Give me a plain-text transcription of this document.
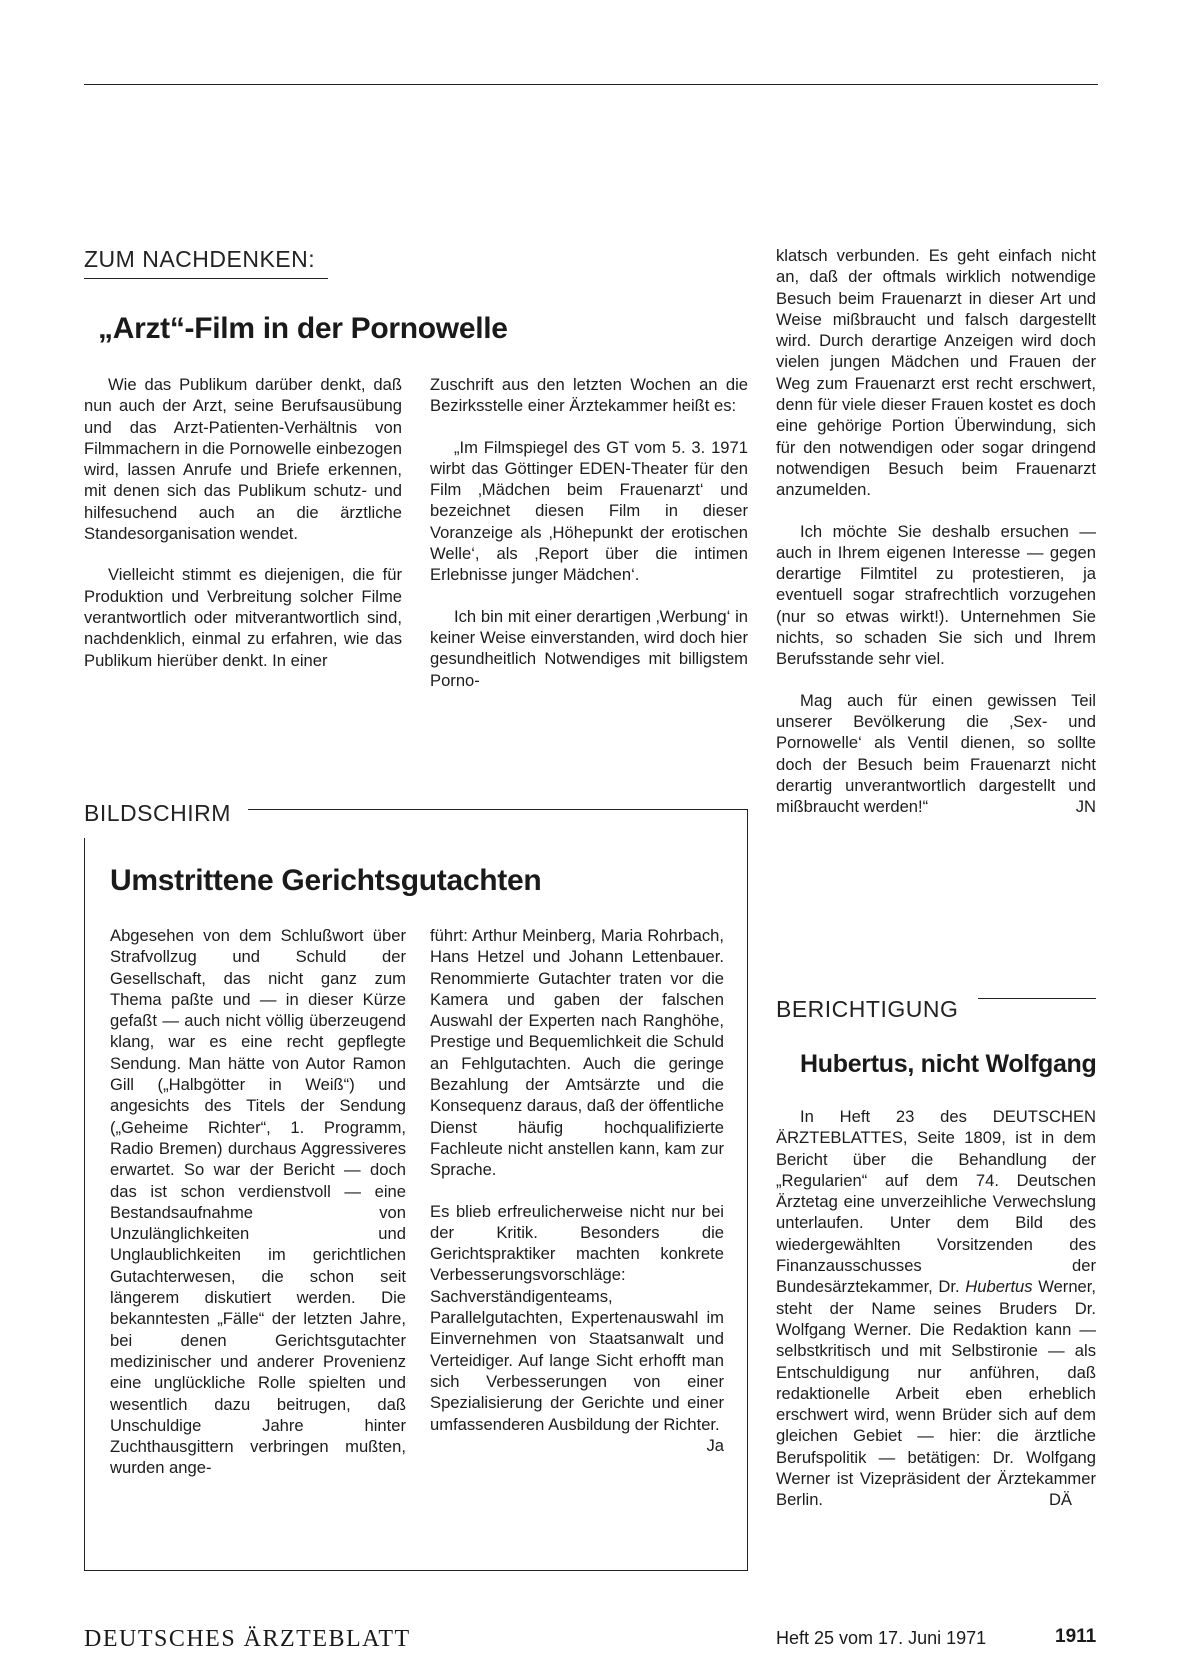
ZUM NACHDENKEN:
„Arzt“-Film in der Pornowelle

Wie das Publikum darüber denkt, daß nun auch der Arzt, seine Berufsausübung und das Arzt-Patienten-Verhältnis von Filmmachern in die Pornowelle einbezogen wird, lassen Anrufe und Briefe erkennen, mit denen sich das Publikum schutz- und hilfesuchend auch an die ärztliche Standesorganisation wendet.

Vielleicht stimmt es diejenigen, die für Produktion und Verbreitung solcher Filme verantwortlich oder mitverantwortlich sind, nachdenklich, einmal zu erfahren, wie das Publikum hierüber denkt. In einer

Zuschrift aus den letzten Wochen an die Bezirksstelle einer Ärztekammer heißt es:

„Im Filmspiegel des GT vom 5. 3. 1971 wirbt das Göttinger EDEN-Theater für den Film ‚Mädchen beim Frauenarzt‘ und bezeichnet diesen Film in dieser Voranzeige als ‚Höhepunkt der erotischen Welle‘, als ‚Report über die intimen Erlebnisse junger Mädchen‘.

Ich bin mit einer derartigen ‚Werbung‘ in keiner Weise einverstanden, wird doch hier gesundheitlich Notwendiges mit billigstem Porno-

klatsch verbunden. Es geht einfach nicht an, daß der oftmals wirklich notwendige Besuch beim Frauenarzt in dieser Art und Weise mißbraucht und falsch dargestellt wird. Durch derartige Anzeigen wird doch vielen jungen Mädchen und Frauen der Weg zum Frauenarzt erst recht erschwert, denn für viele dieser Frauen kostet es doch eine gehörige Portion Überwindung, sich für den notwendigen oder sogar dringend notwendigen Besuch beim Frauenarzt anzumelden.

Ich möchte Sie deshalb ersuchen — auch in Ihrem eigenen Interesse — gegen derartige Filmtitel zu protestieren, ja eventuell sogar strafrechtlich vorzugehen (nur so etwas wirkt!). Unternehmen Sie nichts, so schaden Sie sich und Ihrem Berufsstande sehr viel.

Mag auch für einen gewissen Teil unserer Bevölkerung die ‚Sex- und Pornowelle‘ als Ventil dienen, so sollte doch der Besuch beim Frauenarzt nicht derartig unverantwortlich dargestellt und mißbraucht werden!“	JN

BILDSCHIRM
Umstrittene Gerichtsgutachten

Abgesehen von dem Schlußwort über Strafvollzug und Schuld der Gesellschaft, das nicht ganz zum Thema paßte und — in dieser Kürze gefaßt — auch nicht völlig überzeugend klang, war es eine recht gepflegte Sendung. Man hätte von Autor Ramon Gill („Halbgötter in Weiß“) und angesichts des Titels der Sendung („Geheime Richter“, 1. Programm, Radio Bremen) durchaus Aggressiveres erwartet. So war der Bericht — doch das ist schon verdienstvoll — eine Bestandsaufnahme von Unzulänglichkeiten und Unglaublichkeiten im gerichtlichen Gutachterwesen, die schon seit längerem diskutiert werden. Die bekanntesten „Fälle“ der letzten Jahre, bei denen Gerichtsgutachter medizinischer und anderer Provenienz eine unglückliche Rolle spielten und wesentlich dazu beitrugen, daß Unschuldige Jahre hinter Zuchthausgittern verbringen mußten, wurden ange-

führt: Arthur Meinberg, Maria Rohrbach, Hans Hetzel und Johann Lettenbauer. Renommierte Gutachter traten vor die Kamera und gaben der falschen Auswahl der Experten nach Ranghöhe, Prestige und Bequemlichkeit die Schuld an Fehlgutachten. Auch die geringe Bezahlung der Amtsärzte und die Konsequenz daraus, daß der öffentliche Dienst häufig hochqualifizierte Fachleute nicht anstellen kann, kam zur Sprache.

Es blieb erfreulicherweise nicht nur bei der Kritik. Besonders die Gerichtspraktiker machten konkrete Verbesserungsvorschläge: Sachverständigenteams, Parallelgutachten, Expertenauswahl im Einvernehmen von Staatsanwalt und Verteidiger. Auf lange Sicht erhofft man sich Verbesserungen von einer Spezialisierung der Gerichte und einer umfassenderen Ausbildung der Richter.
Ja

BERICHTIGUNG
Hubertus, nicht Wolfgang

In Heft 23 des DEUTSCHEN ÄRZTEBLATTES, Seite 1809, ist in dem Bericht über die Behandlung der „Regularien“ auf dem 74. Deutschen Ärztetag eine unverzeihliche Verwechslung unterlaufen. Unter dem Bild des wiedergewählten Vorsitzenden des Finanzausschusses der Bundesärztekammer, Dr. Hubertus Werner, steht der Name seines Bruders Dr. Wolfgang Werner. Die Redaktion kann — selbstkritisch und mit Selbstironie — als Entschuldigung nur anführen, daß redaktionelle Arbeit eben erheblich erschwert wird, wenn Brüder sich auf dem gleichen Gebiet — hier: die ärztliche Berufspolitik — betätigen: Dr. Wolfgang Werner ist Vizepräsident der Ärztekammer Berlin.	DÄ

DEUTSCHES ÄRZTEBLATT	Heft 25 vom 17. Juni 1971	1911
